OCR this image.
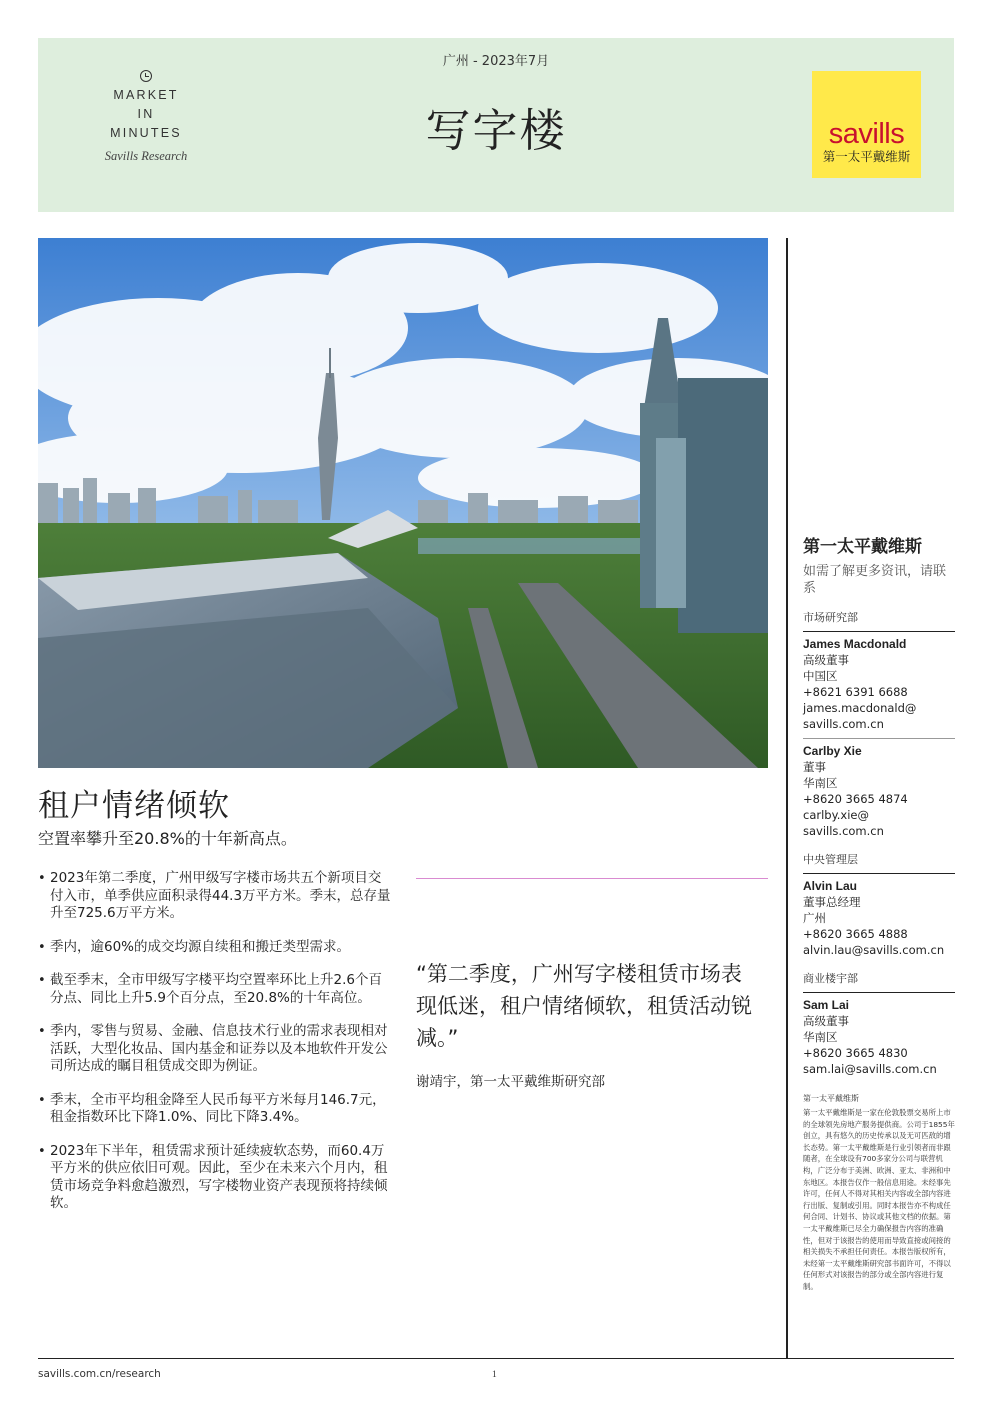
MARKET
IN
MINUTES
Savills Research
广州 - 2023年7月
写字楼	savills
第一太平戴维斯
第一太平戴维斯
如需了解更多资讯，请联系
市场研究部
James Macdonald
高级董事
中国区
+8621 6391 6688
james.macdonald@
savills.com.cn
Carlby Xie
董事
华南区
+8620 3665 4874
carlby.xie@
savills.com.cn
中央管理层
Alvin Lau
董事总经理
广州
+8620 3665 4888
alvin.lau@savills.com.cn
商业楼宇部
Sam Lai
高级董事
华南区
+8620 3665 4830
sam.lai@savills.com.cn
第一太平戴维斯
第一太平戴维斯是一家在伦敦股票交易所上市的全球领先房地产服务提供商。公司于1855年创立，具有悠久的历史传承以及无可匹敌的增长态势。第一太平戴维斯是行业引领者而非跟随者，在全球设有700多家分公司与联营机构，广泛分布于美洲、欧洲、亚太、非洲和中东地区。本报告仅作一般信息用途。未经事先许可，任何人不得对其相关内容或全部内容进行出版、复制或引用。同时本报告亦不构成任何合同、计划书、协议或其他文档的依据。第一太平戴维斯已尽全力确保报告内容的准确性，但对于该报告的使用而导致直接或间接的相关损失不承担任何责任。本报告版权所有，未经第一太平戴维斯研究部书面许可，不得以任何形式对该报告的部分或全部内容进行复制。
租户情绪倾软
空置率攀升至20.8%的十年新高点。
• 2023年第二季度，广州甲级写字楼市场共五个新项目交付入市，单季供应面积录得44.3万平方米。季末，总存量升至725.6万平方米。
• 季内，逾60%的成交均源自续租和搬迁类型需求。
• 截至季末，全市甲级写字楼平均空置率环比上升2.6个百分点、同比上升5.9个百分点，至20.8%的十年高位。
• 季内，零售与贸易、金融、信息技术行业的需求表现相对活跃，大型化妆品、国内基金和证券以及本地软件开发公司所达成的瞩目租赁成交即为例证。
• 季末，全市平均租金降至人民币每平方米每月146.7元，租金指数环比下降1.0%、同比下降3.4%。
• 2023年下半年，租赁需求预计延续疲软态势，而60.4万平方米的供应依旧可观。因此，至少在未来六个月内，租赁市场竞争料愈趋激烈，写字楼物业资产表现预将持续倾软。
“第二季度，广州写字楼租赁市场表现低迷，租户情绪倾软，租赁活动锐减。”
谢靖宇，第一太平戴维斯研究部
savills.com.cn/research	1
